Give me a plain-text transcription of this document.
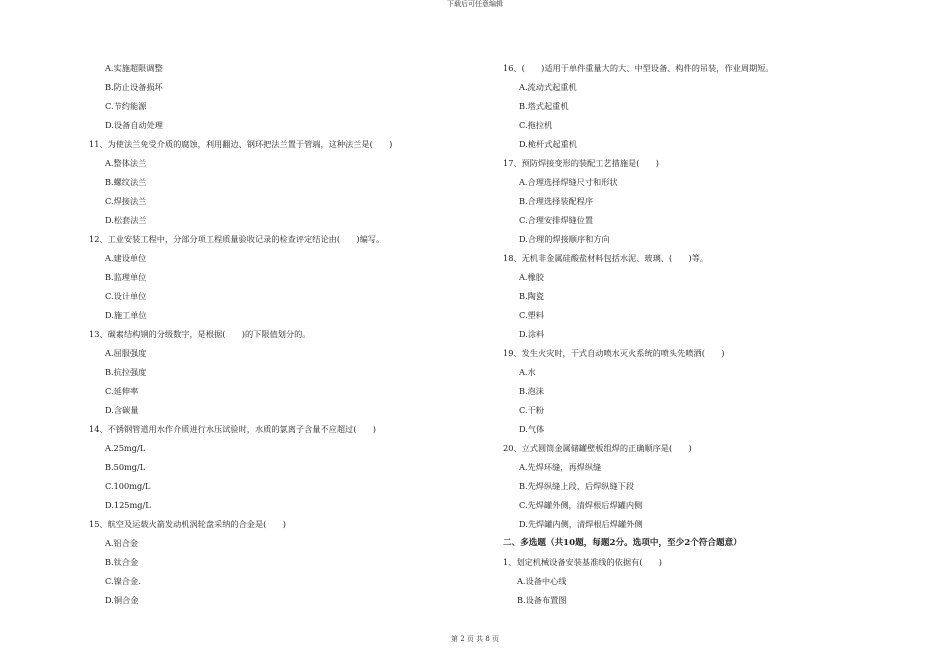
下载后可任意编辑
A.实施超限调整
B.防止设备损坏
C.节约能源
D.设备自动处理
11、为使法兰免受介质的腐蚀，利用翻边、钢环把法兰置于管端，这种法兰是(　　)
A.整体法兰
B.螺纹法兰
C.焊接法兰
D.松套法兰
12、工业安装工程中，分部分项工程质量验收记录的检查评定结论由(　　)编写。
A.建设单位
B.监理单位
C.设计单位
D.施工单位
13、碳素结构钢的分级数字，是根据(　　)的下限值划分的。
A.屈服强度
B.抗拉强度
C.延伸率
D.含碳量
14、不锈钢管道用水作介质进行水压试验时，水质的氯离子含量不应超过(　　)
A.25mg/L
B.50mg/L
C.100mg/L
D.125mg/L
15、航空及运载火箭发动机涡轮盘采纳的合金是(　　)
A.铝合金
B.钛合金
C.镍合金.
D.铜合金
16、(　　)适用于单件重量大的大、中型设备、构件的吊装，作业周期短。
A.流动式起重机
B.塔式起重机
C.拖拉机
D.桅杆式起重机
17、预防焊接变形的装配工艺措施是(　　)
A.合理选择焊缝尺寸和形状
B.合理选择装配程序
C.合理安排焊缝位置
D.合理的焊接顺序和方向
18、无机非金属硅酸盐材料包括水泥、玻璃、(　　)等。
A.橡胶
B.陶瓷
C.塑料
D.涂料
19、发生火灾时，干式自动喷水灭火系统的喷头先喷洒(　　)
A.水
B.泡沫
C.干粉
D.气体
20、立式圆筒金属储罐壁板组焊的正确顺序是(　　)
A.先焊环缝，再焊纵缝
B.先焊纵缝上段，后焊纵缝下段
C.先焊罐外侧，清焊根后焊罐内侧
D.先焊罐内侧，清焊根后焊罐外侧
二、多选题（共10题，每题2分。选项中，至少2个符合题意）
1、划定机械设备安装基准线的依据有(　　)
A.设备中心线
B.设备布置图
第 2 页 共 8 页
